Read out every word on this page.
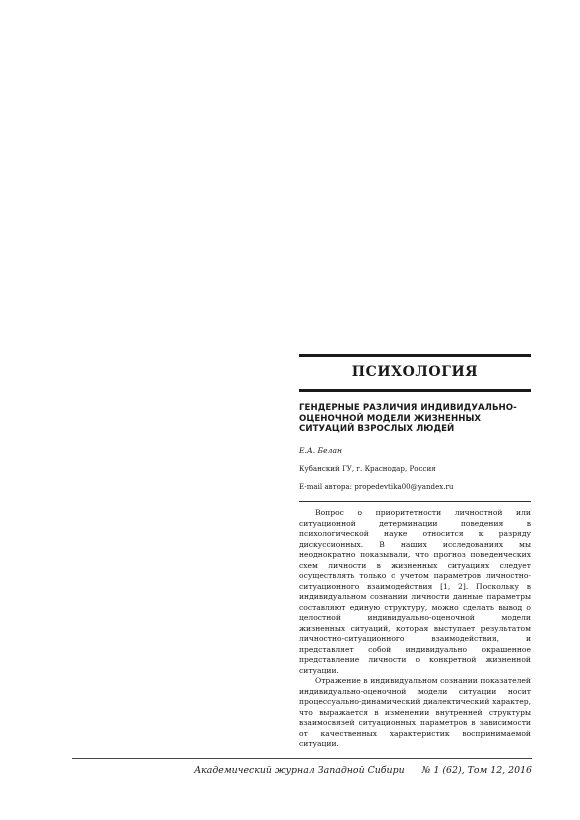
ПСИХОЛОГИЯ
ГЕНДЕРНЫЕ РАЗЛИЧИЯ ИНДИВИДУАЛЬНО-ОЦЕНОЧНОЙ МОДЕЛИ ЖИЗНЕННЫХ СИТУАЦИЙ ВЗРОСЛЫХ ЛЮДЕЙ
Е.А. Белан
Кубанский ГУ, г. Краснодар, Россия
E-mail автора: propedevtika00@yandex.ru

Вопрос о приоритетности личностной или ситуационной детерминации поведения в психологической науке относится к разряду дискуссионных. В наших исследованиях мы неоднократно показывали, что прогноз поведенческих схем личности в жизненных ситуациях следует осуществлять только с учетом параметров личностно-ситуационного взаимодействия [1, 2]. Поскольку в индивидуальном сознании личности данные параметры составляют единую структуру, можно сделать вывод о целостной индивидуально-оценочной модели жизненных ситуаций, которая выступает результатом личностно-ситуационного взаимодействия, и представляет собой индивидуально окрашенное представление личности о конкретной жизненной ситуации.

Отражение в индивидуальном сознании показателей индивидуально-оценочной модели ситуации носит процессуально-динамический диалектический характер, что выражается в изменении внутренней структуры взаимосвязей ситуационных параметров в зависимости от качественных характеристик воспринимаемой ситуации.

Академический журнал Западной Сибири № 1 (62), Том 12, 2016
